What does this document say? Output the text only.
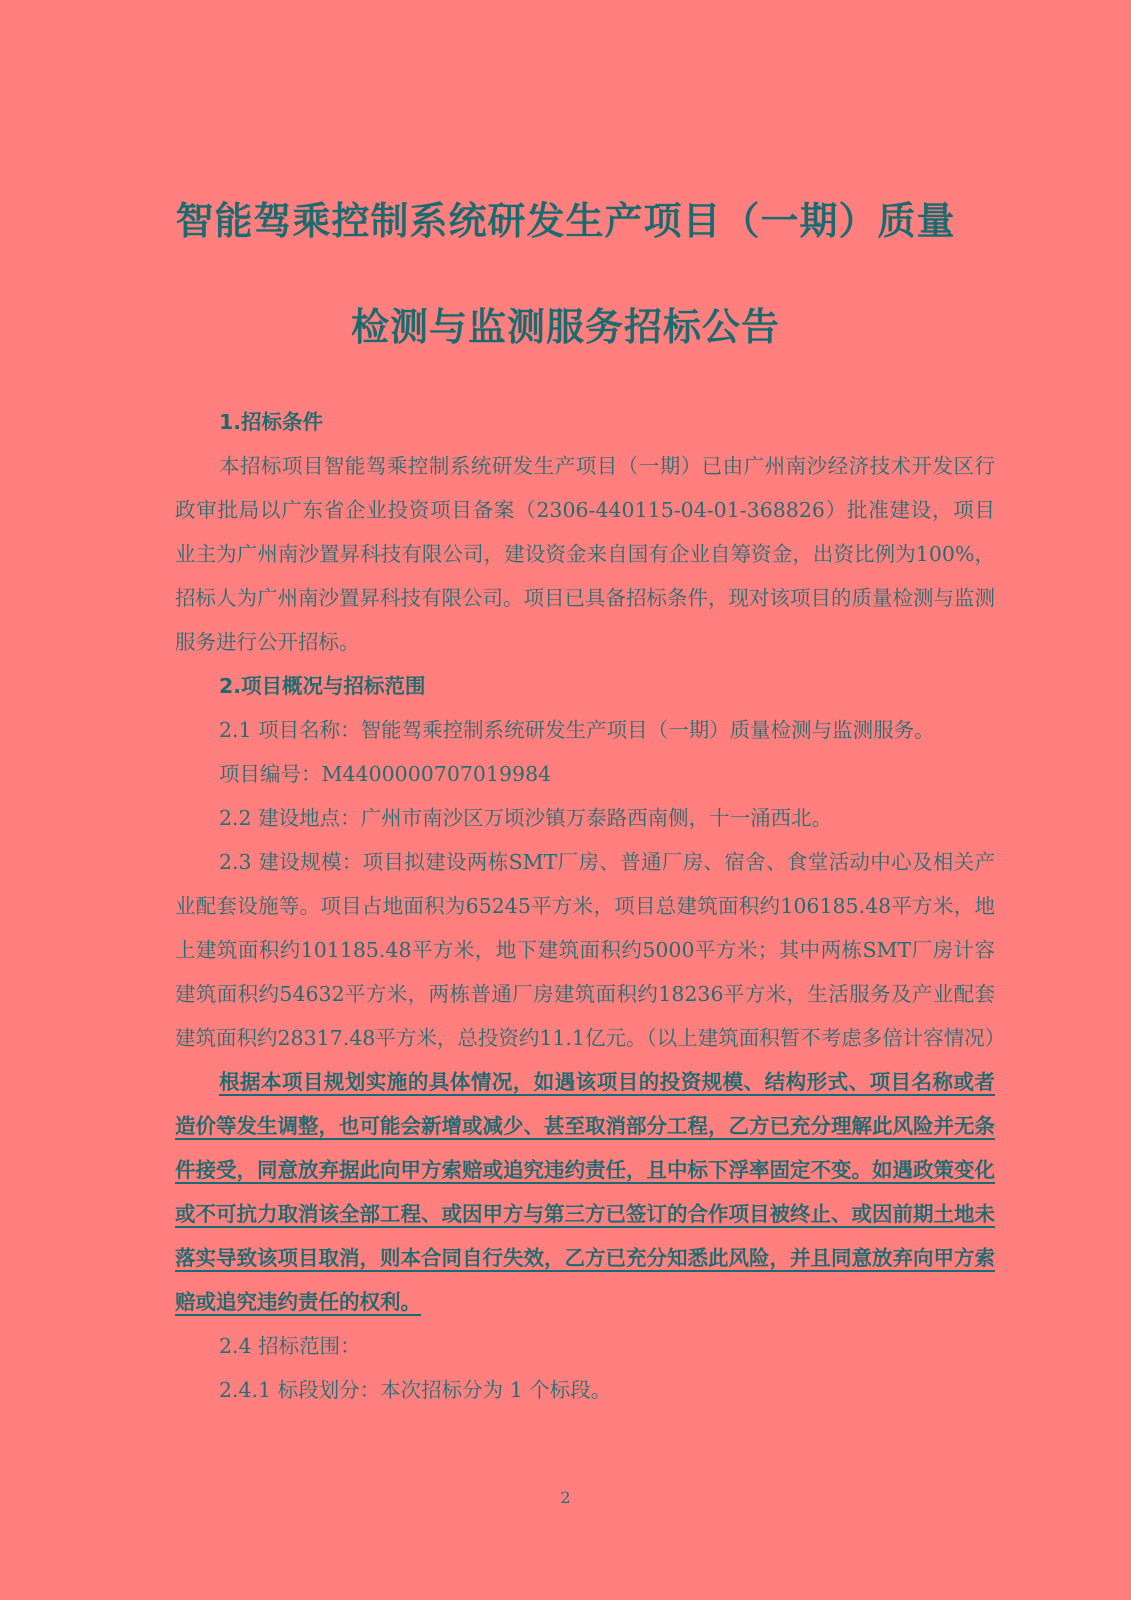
智能驾乘控制系统研发生产项目（一期）质量
检测与监测服务招标公告

1.招标条件

本招标项目智能驾乘控制系统研发生产项目（一期）已由广州南沙经济技术开发区行政审批局以广东省企业投资项目备案（2306-440115-04-01-368826）批准建设，项目业主为广州南沙置昇科技有限公司，建设资金来自国有企业自筹资金，出资比例为100%，招标人为广州南沙置昇科技有限公司。项目已具备招标条件，现对该项目的质量检测与监测服务进行公开招标。

2.项目概况与招标范围

2.1 项目名称：智能驾乘控制系统研发生产项目（一期）质量检测与监测服务。

项目编号：M4400000707019984

2.2 建设地点：广州市南沙区万顷沙镇万泰路西南侧，十一涌西北。

2.3 建设规模：项目拟建设两栋SMT厂房、普通厂房、宿舍、食堂活动中心及相关产业配套设施等。项目占地面积为65245平方米，项目总建筑面积约106185.48平方米，地上建筑面积约101185.48平方米，地下建筑面积约5000平方米；其中两栋SMT厂房计容建筑面积约54632平方米，两栋普通厂房建筑面积约18236平方米，生活服务及产业配套建筑面积约28317.48平方米，总投资约11.1亿元。（以上建筑面积暂不考虑多倍计容情况）

根据本项目规划实施的具体情况，如遇该项目的投资规模、结构形式、项目名称或者造价等发生调整，也可能会新增或减少、甚至取消部分工程，乙方已充分理解此风险并无条件接受，同意放弃据此向甲方索赔或追究违约责任，且中标下浮率固定不变。如遇政策变化或不可抗力取消该全部工程、或因甲方与第三方已签订的合作项目被终止、或因前期土地未落实导致该项目取消，则本合同自行失效，乙方已充分知悉此风险，并且同意放弃向甲方索赔或追究违约责任的权利。

2.4 招标范围：

2.4.1 标段划分：本次招标分为 1 个标段。

2
